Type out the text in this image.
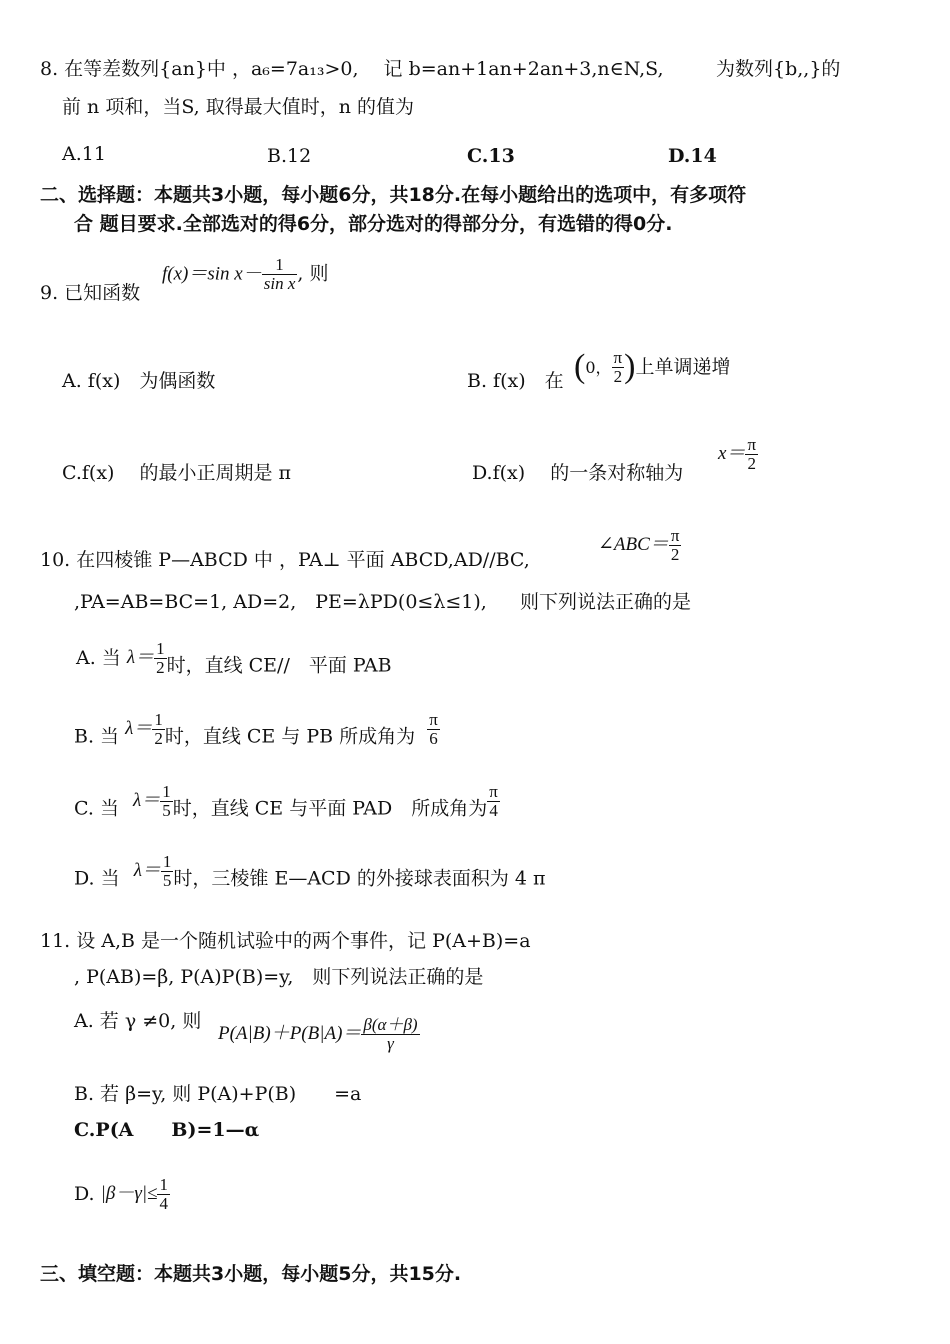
8. 在等差数列{an}中 ，a₆=7a₁₃>0,　 记 b=an+1an+2an+3,n∈N,S,	为数列{b,,}的
前 n 项和，当S, 取得最大值时，n 的值为
A.11	B.12	C.13	D.14
二、选择题：本题共3小题，每小题6分，共18分.在每小题给出的选项中，有多项符
合 题目要求.全部选对的得6分，部分选对的得部分分，有选错的得0分.
9. 已知函数
f(x)＝sin $x- \frac{1}{\text{sin x}}$ , 则
A. f(x)　为偶函数	B. f(x)　在 (0， $\frac{\pi}{2}$ )上单调递增
C.f(x)　 的最小正周期是 π	D.f(x)　 的一条对称轴为
$x= \frac{\pi}{2}$
10. 在四棱锥 P—ABCD 中 ，PA⊥ 平面 ABCD,AD//BC,
∠ABC＝ $\frac{\pi}{2}$
,PA=AB=BC=1, AD=2,　PE=λPD(0≤λ≤1), 则下列说法正确的是
A. 当 $\lambda= \frac{1}{2}$ 时，直线 CE//　平面 PAB
B. 当 $\lambda= \frac{1}{2}$ 时，直线 CE 与 PB 所成角为 $\frac{\pi}{6}$
C. 当 $\lambda= \frac{1}{5}$ 时，直线 CE 与平面 PAD　所成角为 $\frac{\pi}{4}$
D. 当 $\lambda= \frac{1}{5}$ 时，三棱锥 E—ACD 的外接球表面积为 4 π
11. 设 A,B 是一个随机试验中的两个事件，记 P(A+B)=a
, P(AB)=β, P(A)P(B)=y,　则下列说法正确的是
A. 若 γ ≠0, 则
$P(A|B)+P(B|A)= \frac{\beta(\alpha+\beta)}{\gamma}$
B. 若 β=y, 则 P(A)+P(B)　　=a
C.P(A　　B)=1—α
D. $|\beta-\gamma|\le \frac{1}{4}$
三、填空题：本题共3小题，每小题5分，共15分.
